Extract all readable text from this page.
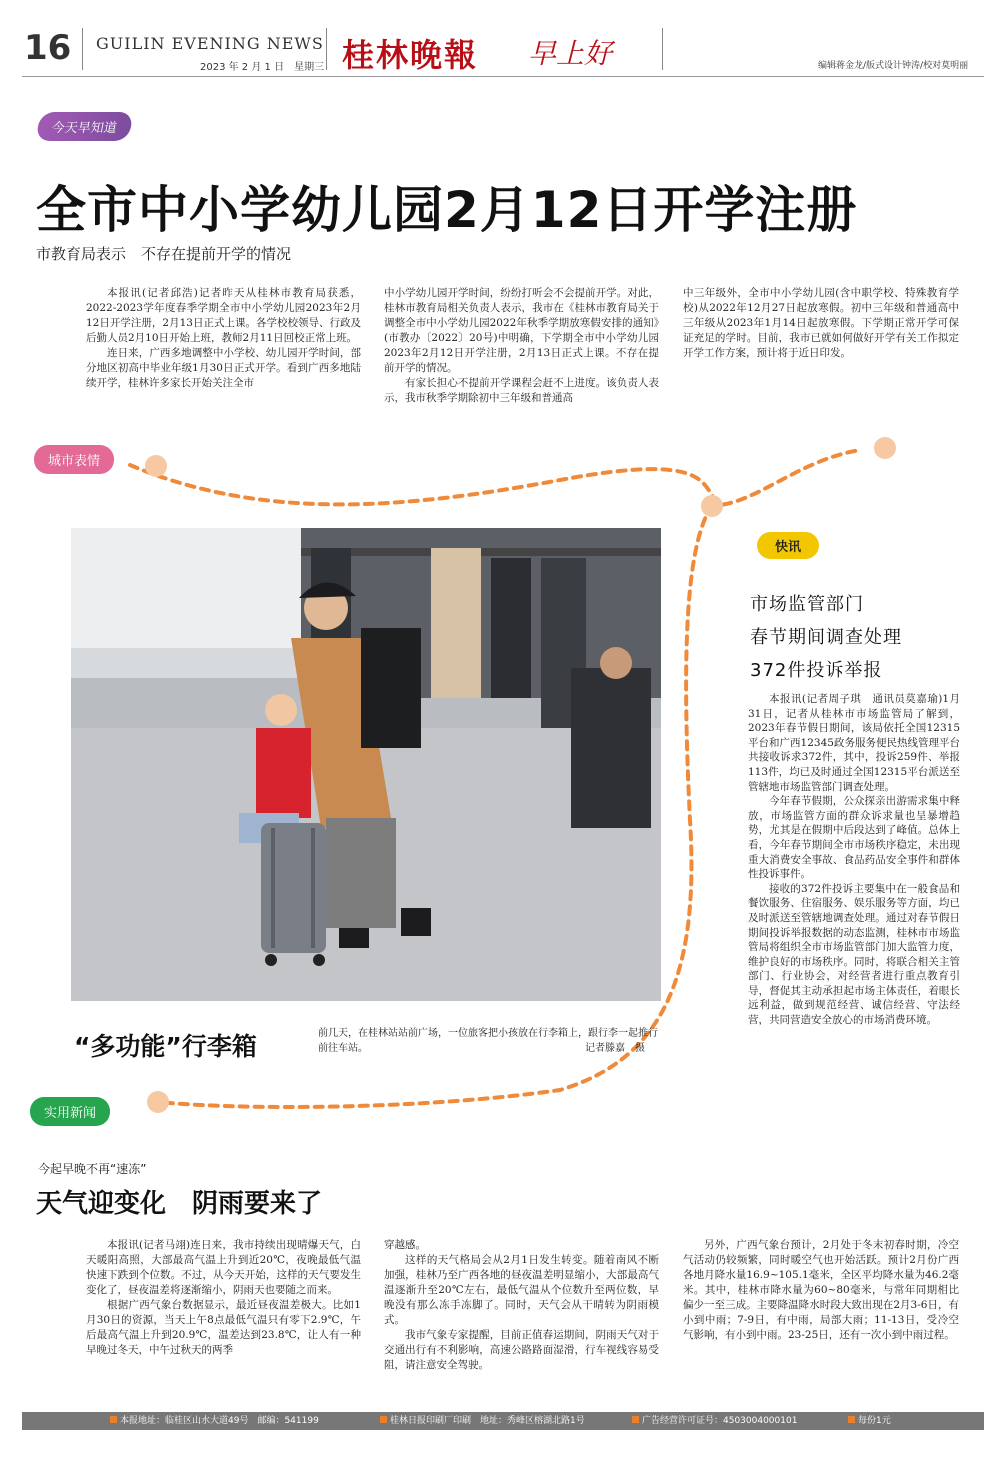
16 GUILIN EVENING NEWS
2023 年 2 月 1 日　星期三 桂林晚報 早上好	编辑蒋金龙/版式设计钟涛/校对莫明丽
今天早知道
全市中小学幼儿园2月12日开学注册
市教育局表示　不存在提前开学的情况

本报讯(记者邱浩)记者昨天从桂林市教育局获悉，2022-2023学年度春季学期全市中小学幼儿园2023年2月12日开学注册，2月13日正式上课。各学校校领导、行政及后勤人员2月10日开始上班，教师2月11日回校正常上班。

连日来，广西多地调整中小学校、幼儿园开学时间，部分地区初高中毕业年级1月30日正式开学。看到广西多地陆续开学，桂林许多家长开始关注全市

中小学幼儿园开学时间，纷纷打听会不会提前开学。对此，桂林市教育局相关负责人表示，我市在《桂林市教育局关于调整全市中小学幼儿园2022年秋季学期放寒假安排的通知》(市教办〔2022〕20号)中明确，下学期全市中小学幼儿园2023年2月12日开学注册，2月13日正式上课。不存在提前开学的情况。

有家长担心不提前开学课程会赶不上进度。该负责人表示，我市秋季学期除初中三年级和普通高

中三年级外，全市中小学幼儿园(含中职学校、特殊教育学校)从2022年12月27日起放寒假。初中三年级和普通高中三年级从2023年1月14日起放寒假。下学期正常开学可保证充足的学时。目前，我市已就如何做好开学有关工作拟定开学工作方案，预计将于近日印发。

城市表情
快讯
“多功能”行李箱	前几天，在桂林站站前广场，一位旅客把小孩放在行李箱上，跟行李一起推行前往车站。	记者滕嘉　摄
市场监管部门
春节期间调查处理
372件投诉举报

本报讯(记者周子琪　通讯员莫嘉瑜)1月31日，记者从桂林市市场监管局了解到，2023年春节假日期间，该局依托全国12315平台和广西12345政务服务便民热线管理平台共接收诉求372件，其中，投诉259件、举报113件，均已及时通过全国12315平台派送至管辖地市场监管部门调查处理。

今年春节假期，公众探亲出游需求集中释放，市场监管方面的群众诉求量也呈暴增趋势，尤其是在假期中后段达到了峰值。总体上看，今年春节期间全市市场秩序稳定，未出现重大消费安全事故、食品药品安全事件和群体性投诉事件。

接收的372件投诉主要集中在一般食品和餐饮服务、住宿服务、娱乐服务等方面，均已及时派送至管辖地调查处理。通过对春节假日期间投诉举报数据的动态监测，桂林市市场监管局将组织全市市场监管部门加大监管力度，维护良好的市场秩序。同时，将联合相关主管部门、行业协会，对经营者进行重点教育引导，督促其主动承担起市场主体责任，着眼长远利益，做到规范经营、诚信经营、守法经营，共同营造安全放心的市场消费环境。

实用新闻
今起早晚不再“速冻”
天气迎变化　阴雨要来了

本报讯(记者马翊)连日来，我市持续出现晴爆天气，白天暖阳高照，大部最高气温上升到近20℃，夜晚最低气温快速下跌到个位数。不过，从今天开始，这样的天气要发生变化了，昼夜温差将逐渐缩小，阴雨天也要随之而来。

根据广西气象台数据显示，最近昼夜温差极大。比如1月30日的资源，当天上午8点最低气温只有零下2.9℃，午后最高气温上升到20.9℃，温差达到23.8℃，让人有一种早晚过冬天，中午过秋天的两季

穿越感。

这样的天气格局会从2月1日发生转变。随着南风不断加强，桂林乃至广西各地的昼夜温差明显缩小，大部最高气温逐渐升至20℃左右，最低气温从个位数升至两位数，早晚没有那么冻手冻脚了。同时，天气会从干晴转为阴雨模式。

我市气象专家提醒，目前正值春运期间，阴雨天气对于交通出行有不利影响，高速公路路面湿滑，行车视线容易受阻，请注意安全驾驶。

另外，广西气象台预计，2月处于冬末初春时期，冷空气活动仍较频繁，同时暖空气也开始活跃。预计2月份广西各地月降水量16.9~105.1毫米，全区平均降水量为46.2毫米。其中，桂林市降水量为60~80毫米，与常年同期相比偏少一至三成。主要降温降水时段大致出现在2月3-6日，有小到中雨；7-9日，有中雨，局部大雨；11-13日，受冷空气影响，有小到中雨。23-25日，还有一次小到中雨过程。

本报地址：临桂区山水大道49号　邮编：541199	桂林日报印刷厂印刷　地址：秀峰区榕湖北路1号	广告经营许可证号：4503004000101	每份1元
